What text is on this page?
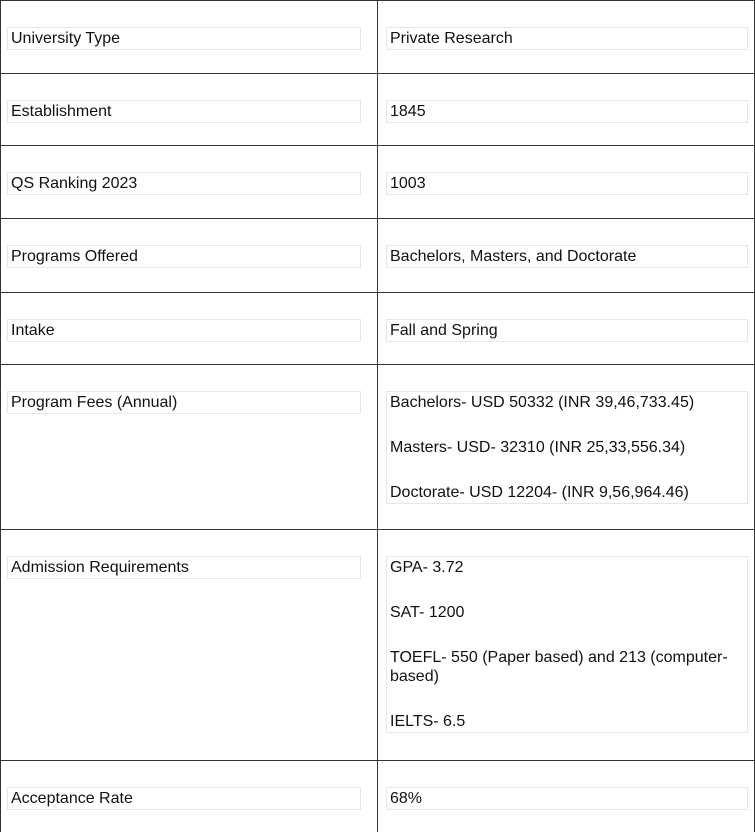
University Type	Private Research
Establishment	1845
QS Ranking 2023	1003
Programs Offered	Bachelors, Masters, and Doctorate
Intake	Fall and Spring
Program Fees (Annual)	Bachelors- USD 50332 (INR 39,46,733.45)
Masters- USD- 32310 (INR 25,33,556.34)
Doctorate- USD 12204- (INR 9,56,964.46)
Admission Requirements	GPA- 3.72
SAT- 1200
TOEFL- 550 (Paper based) and 213 (computer-based)
IELTS- 6.5
Acceptance Rate	68%
